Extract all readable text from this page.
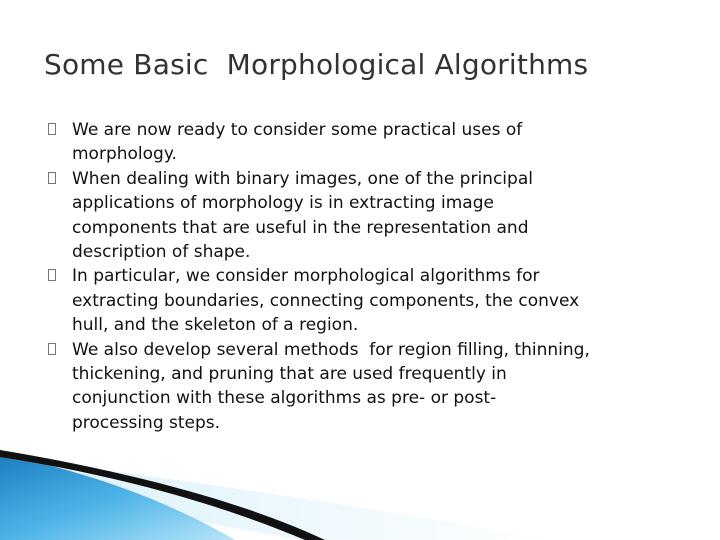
Some Basic  Morphological Algorithms
We are now ready to consider some practical uses of
morphology.
When dealing with binary images, one of the principal
applications of morphology is in extracting image
components that are useful in the representation and
description of shape.
In particular, we consider morphological algorithms for
extracting boundaries, connecting components, the convex
hull, and the skeleton of a region.
We also develop several methods  for region filling, thinning,
thickening, and pruning that are used frequently in
conjunction with these algorithms as pre- or post-
processing steps.
